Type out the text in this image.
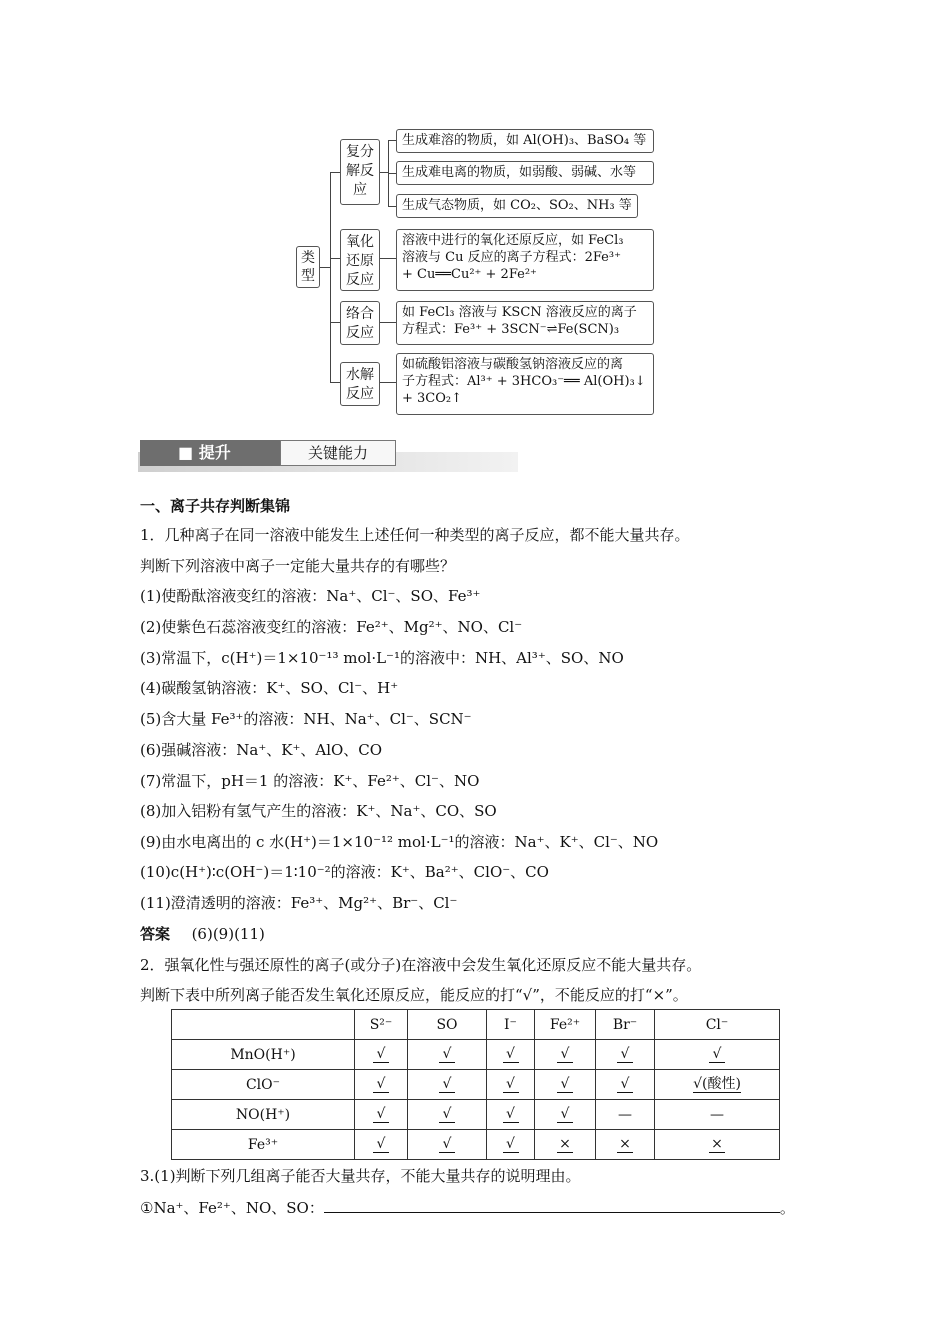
类型
复分解反应
生成难溶的物质，如 Al(OH)₃、BaSO₄ 等
生成难电离的物质，如弱酸、弱碱、水等
生成气态物质，如 CO₂、SO₂、NH₃ 等
氧化还原反应
溶液中进行的氧化还原反应，如 FeCl₃
溶液与 Cu 反应的离子方程式：2Fe³⁺
+ Cu══Cu²⁺ + 2Fe²⁺
络合反应
如 FeCl₃ 溶液与 KSCN 溶液反应的离子
方程式：Fe³⁺ + 3SCN⁻⇌Fe(SCN)₃
水解反应
如硫酸铝溶液与碳酸氢钠溶液反应的离
子方程式：Al³⁺ + 3HCO₃⁻══ Al(OH)₃↓
+ 3CO₂↑
■ 提升	关键能力
一、离子共存判断集锦
1．几种离子在同一溶液中能发生上述任何一种类型的离子反应，都不能大量共存。
判断下列溶液中离子一定能大量共存的有哪些？
(1)使酚酞溶液变红的溶液：Na⁺、Cl⁻、SO、Fe³⁺
(2)使紫色石蕊溶液变红的溶液：Fe²⁺、Mg²⁺、NO、Cl⁻
(3)常温下，c(H⁺)＝1×10⁻¹³ mol·L⁻¹的溶液中：NH、Al³⁺、SO、NO
(4)碳酸氢钠溶液：K⁺、SO、Cl⁻、H⁺
(5)含大量 Fe³⁺的溶液：NH、Na⁺、Cl⁻、SCN⁻
(6)强碱溶液：Na⁺、K⁺、AlO、CO
(7)常温下，pH＝1 的溶液：K⁺、Fe²⁺、Cl⁻、NO
(8)加入铝粉有氢气产生的溶液：K⁺、Na⁺、CO、SO
(9)由水电离出的 c 水(H⁺)＝1×10⁻¹² mol·L⁻¹的溶液：Na⁺、K⁺、Cl⁻、NO
(10)c(H⁺)∶c(OH⁻)＝1∶10⁻²的溶液：K⁺、Ba²⁺、ClO⁻、CO
(11)澄清透明的溶液：Fe³⁺、Mg²⁺、Br⁻、Cl⁻
答案 (6)(9)(11)
2．强氧化性与强还原性的离子(或分子)在溶液中会发生氧化还原反应不能大量共存。
判断下表中所列离子能否发生氧化还原反应，能反应的打“√”，不能反应的打“×”。
	S²⁻	SO	I⁻	Fe²⁺	Br⁻	Cl⁻
MnO(H⁺)	√	√	√	√	√	√
ClO⁻	√	√	√	√	√	√(酸性)
NO(H⁺)	√	√	√	√	—	—
Fe³⁺	√	√	√	×	×	×
3.(1)判断下列几组离子能否大量共存，不能大量共存的说明理由。
①Na⁺、Fe²⁺、NO、SO：	。
